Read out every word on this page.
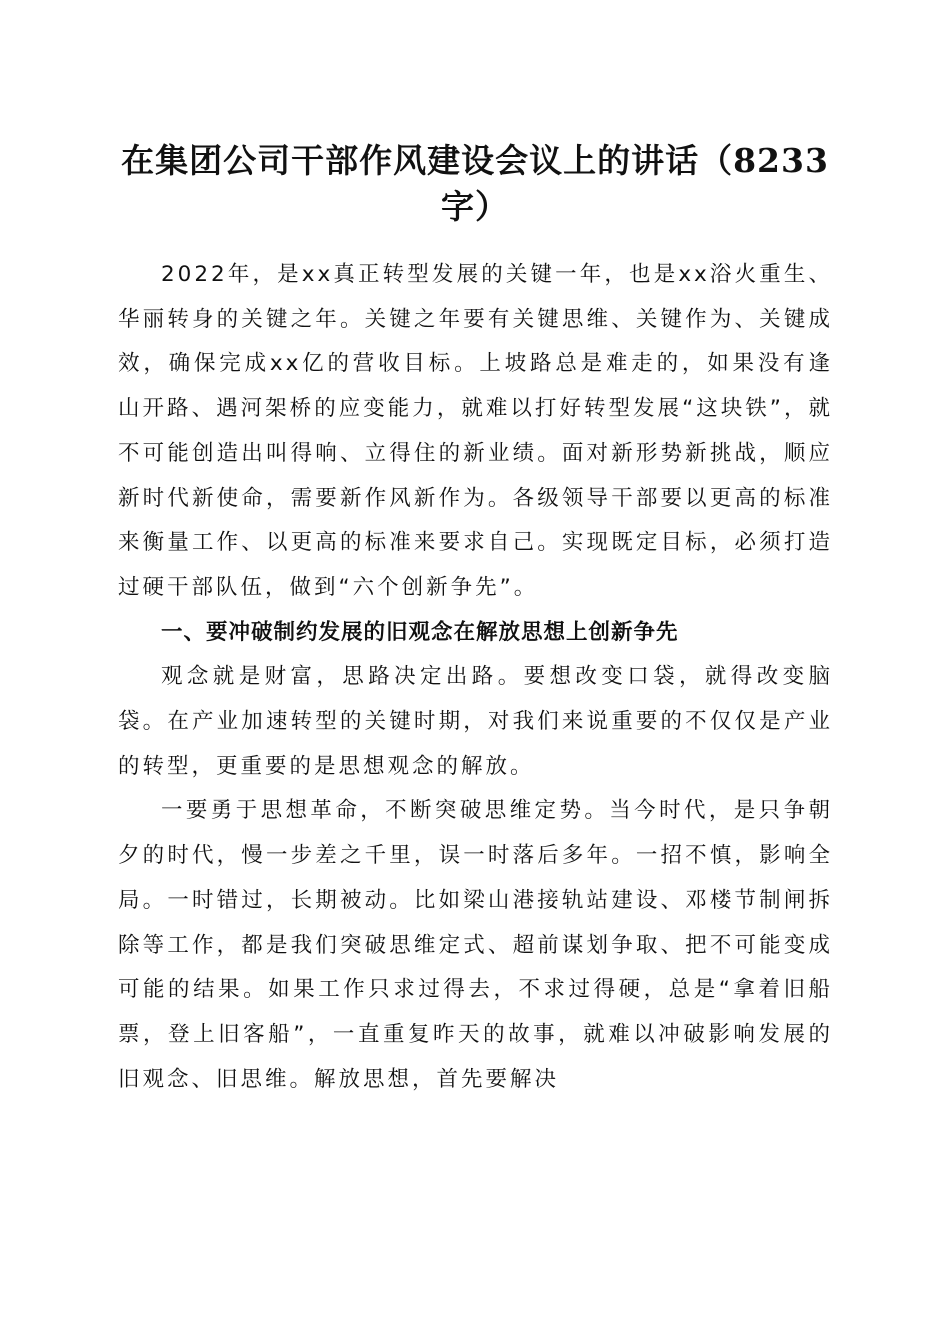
在集团公司干部作风建设会议上的讲话（8233字）

2022年，是xx真正转型发展的关键一年，也是xx浴火重生、华丽转身的关键之年。关键之年要有关键思维、关键作为、关键成效，确保完成xx亿的营收目标。上坡路总是难走的，如果没有逢山开路、遇河架桥的应变能力，就难以打好转型发展“这块铁”，就不可能创造出叫得响、立得住的新业绩。面对新形势新挑战，顺应新时代新使命，需要新作风新作为。各级领导干部要以更高的标准来衡量工作、以更高的标准来要求自己。实现既定目标，必须打造过硬干部队伍，做到“六个创新争先”。

一、要冲破制约发展的旧观念在解放思想上创新争先

观念就是财富，思路决定出路。要想改变口袋，就得改变脑袋。在产业加速转型的关键时期，对我们来说重要的不仅仅是产业的转型，更重要的是思想观念的解放。

一要勇于思想革命，不断突破思维定势。当今时代，是只争朝夕的时代，慢一步差之千里，误一时落后多年。一招不慎，影响全局。一时错过，长期被动。比如梁山港接轨站建设、邓楼节制闸拆除等工作，都是我们突破思维定式、超前谋划争取、把不可能变成可能的结果。如果工作只求过得去，不求过得硬，总是“拿着旧船票，登上旧客船”，一直重复昨天的故事，就难以冲破影响发展的旧观念、旧思维。解放思想，首先要解决
